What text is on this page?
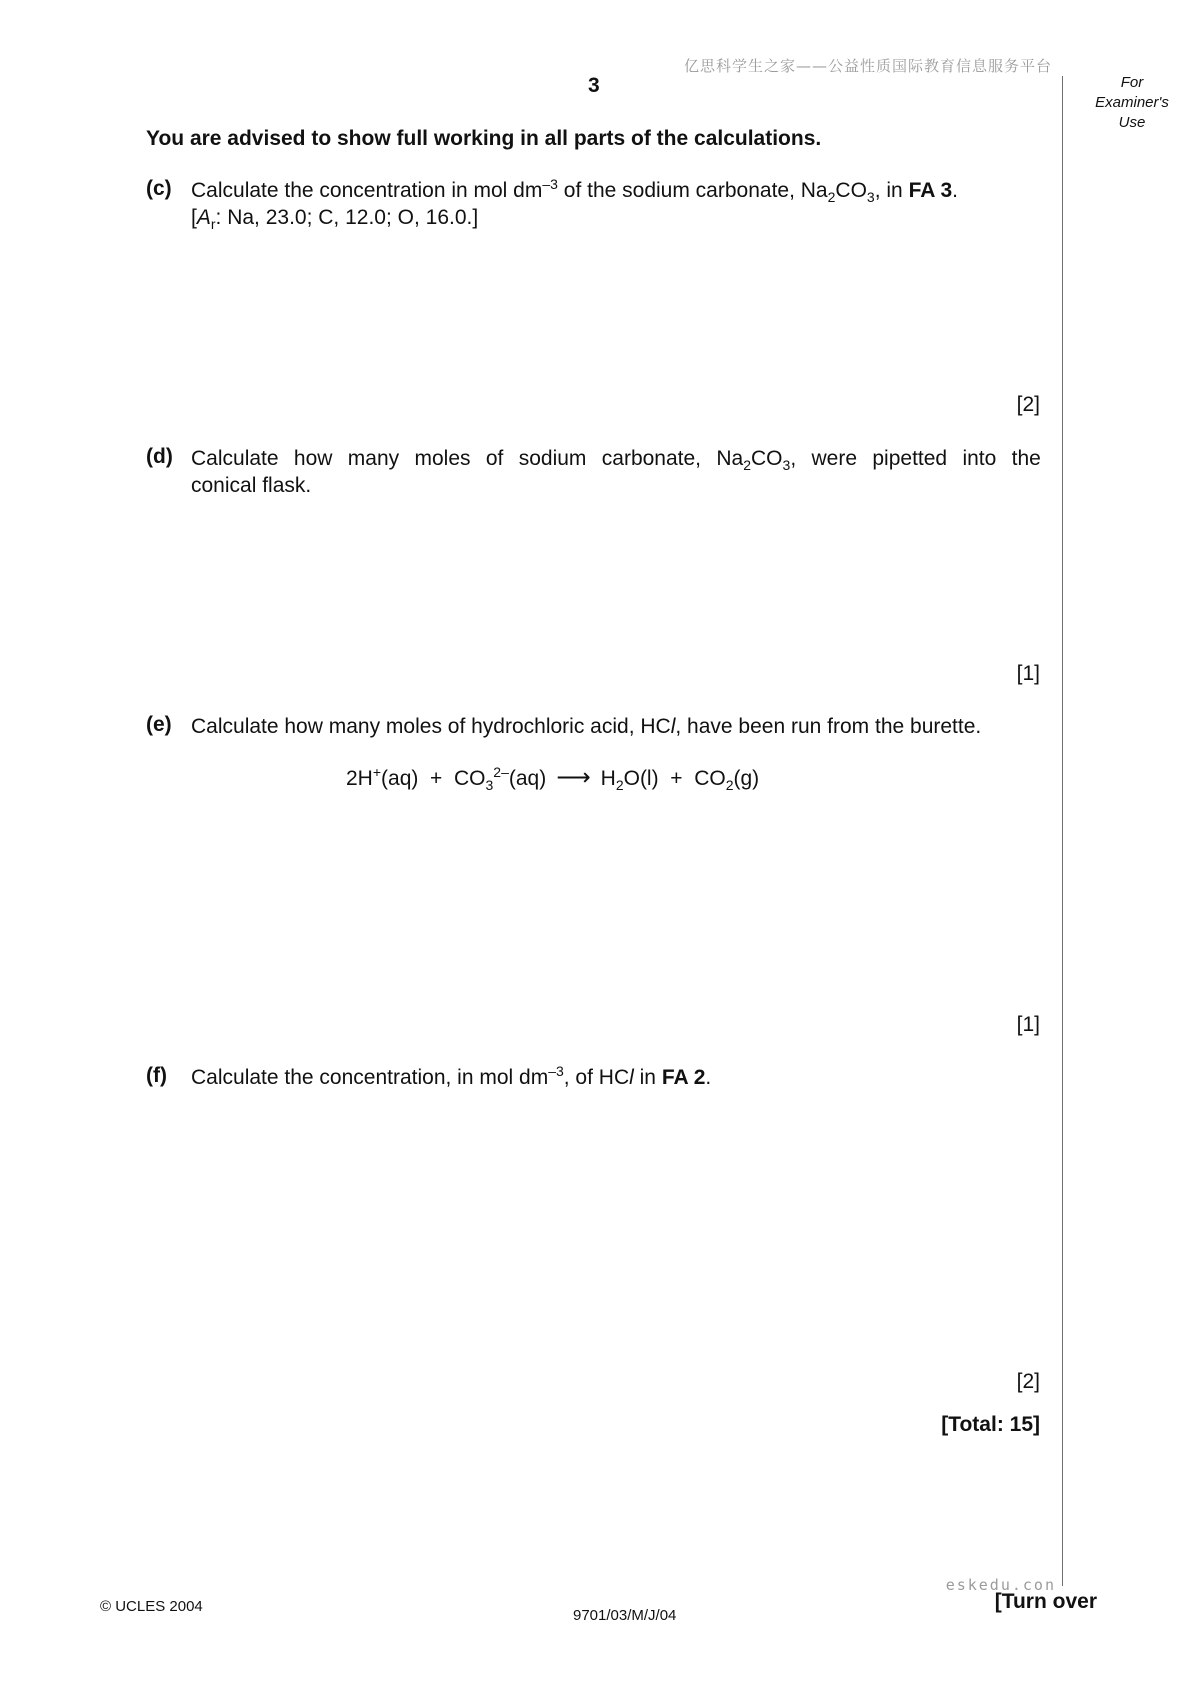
亿思科学生之家——公益性质国际教育信息服务平台
3	For
Examiner's
Use
You are advised to show full working in all parts of the calculations.
(c) Calculate the concentration in mol $dm^{-3}$ of the sodium carbonate, $Na_2CO_3$, in FA 3.
[$A_r$: Na, 23.0; C, 12.0; O, 16.0.]
[2]
(d) Calculate how many moles of sodium carbonate, $Na_2CO_3$, were pipetted into the
conical flask.
[1]
(e) Calculate how many moles of hydrochloric acid, HCl, have been run from the burette.
$2H^+(aq) + CO_3^{2-}(aq)$ ⟶ $H_2O(l) + CO_2(g)$
[1]
(f) Calculate the concentration, in mol $dm^{-3}$, of HCl in FA 2.
[2]
[Total: 15]
eskedu.con
© UCLES 2004
9701/03/M/J/04
[Turn over
